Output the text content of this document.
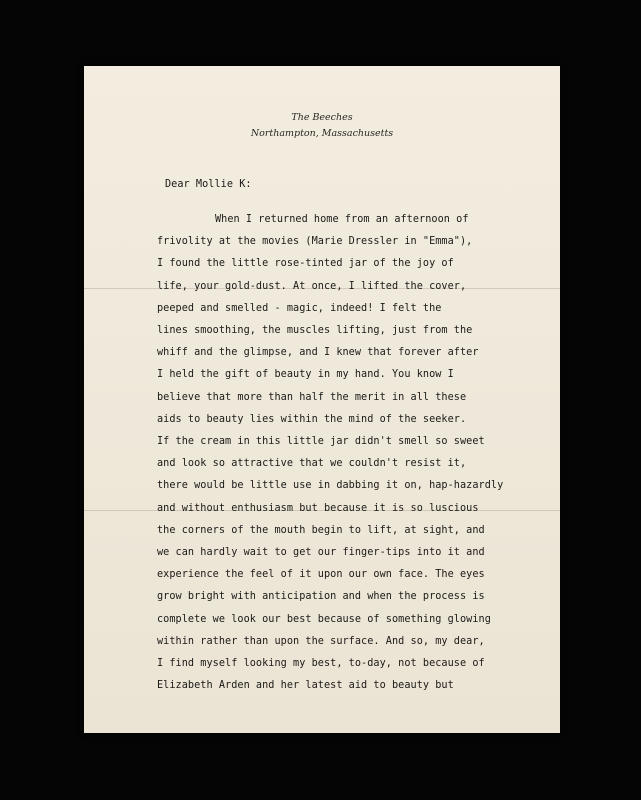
The Beeches
Northampton, Massachusetts
Dear Mollie K:
When I returned home from an afternoon of
frivolity at the movies (Marie Dressler in "Emma"),
I found the little rose-tinted jar of the joy of
life, your gold-dust. At once, I lifted the cover,
peeped and smelled - magic, indeed! I felt the
lines smoothing, the muscles lifting, just from the
whiff and the glimpse, and I knew that forever after
I held the gift of beauty in my hand. You know I
believe that more than half the merit in all these
aids to beauty lies within the mind of the seeker.
If the cream in this little jar didn't smell so sweet
and look so attractive that we couldn't resist it,
there would be little use in dabbing it on, hap-hazardly
and without enthusiasm but because it is so luscious
the corners of the mouth begin to lift, at sight, and
we can hardly wait to get our finger-tips into it and
experience the feel of it upon our own face. The eyes
grow bright with anticipation and when the process is
complete we look our best because of something glowing
within rather than upon the surface. And so, my dear,
I find myself looking my best, to-day, not because of
Elizabeth Arden and her latest aid to beauty but
